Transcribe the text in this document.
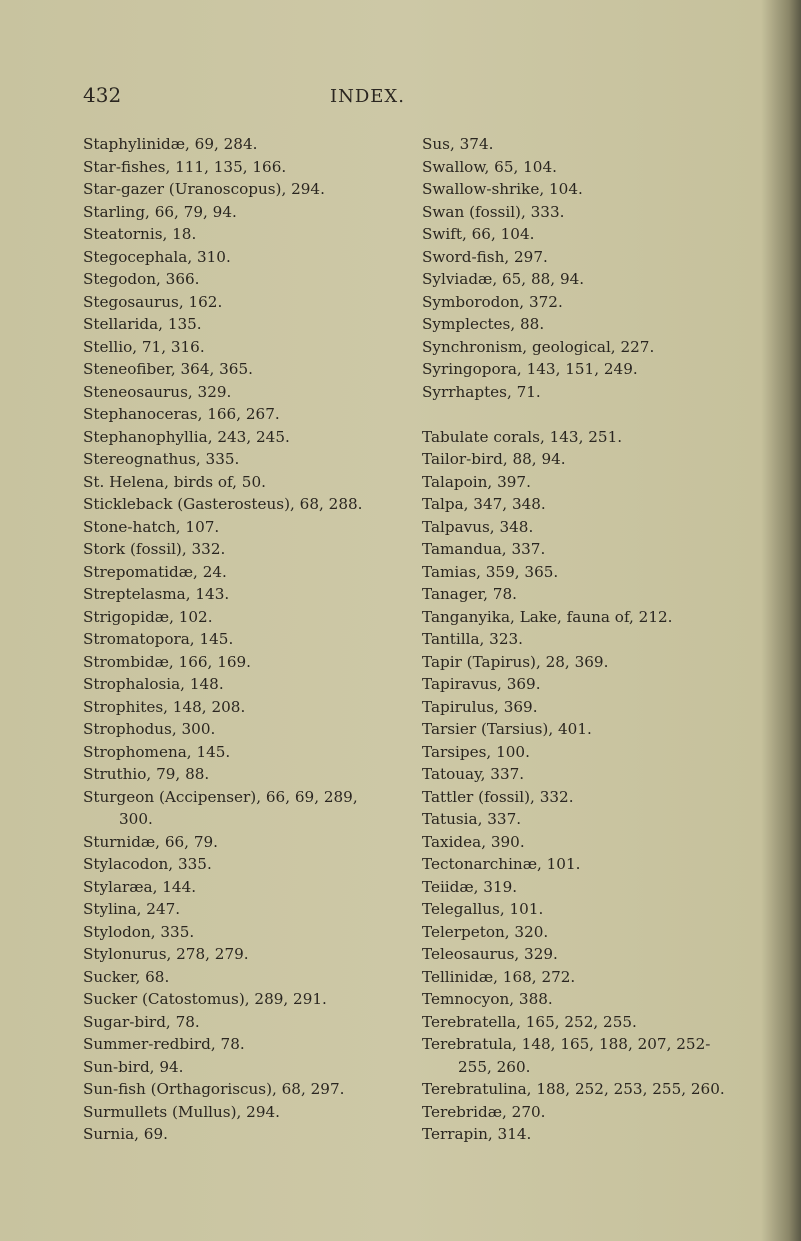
432	INDEX.
Staphylinidæ, 69, 284.
Star-fishes, 111, 135, 166.
Star-gazer (Uranoscopus), 294.
Starling, 66, 79, 94.
Steatornis, 18.
Stegocephala, 310.
Stegodon, 366.
Stegosaurus, 162.
Stellarida, 135.
Stellio, 71, 316.
Steneofiber, 364, 365.
Steneosaurus, 329.
Stephanoceras, 166, 267.
Stephanophyllia, 243, 245.
Stereognathus, 335.
St. Helena, birds of, 50.
Stickleback (Gasterosteus), 68, 288.
Stone-hatch, 107.
Stork (fossil), 332.
Strepomatidæ, 24.
Streptelasma, 143.
Strigopidæ, 102.
Stromatopora, 145.
Strombidæ, 166, 169.
Strophalosia, 148.
Strophites, 148, 208.
Strophodus, 300.
Strophomena, 145.
Struthio, 79, 88.
Sturgeon (Accipenser), 66, 69, 289,
300.
Sturnidæ, 66, 79.
Stylacodon, 335.
Stylaræa, 144.
Stylina, 247.
Stylodon, 335.
Stylonurus, 278, 279.
Sucker, 68.
Sucker (Catostomus), 289, 291.
Sugar-bird, 78.
Summer-redbird, 78.
Sun-bird, 94.
Sun-fish (Orthagoriscus), 68, 297.
Surmullets (Mullus), 294.
Surnia, 69.
Sus, 374.
Swallow, 65, 104.
Swallow-shrike, 104.
Swan (fossil), 333.
Swift, 66, 104.
Sword-fish, 297.
Sylviadæ, 65, 88, 94.
Symborodon, 372.
Symplectes, 88.
Synchronism, geological, 227.
Syringopora, 143, 151, 249.
Syrrhaptes, 71.
Tabulate corals, 143, 251.
Tailor-bird, 88, 94.
Talapoin, 397.
Talpa, 347, 348.
Talpavus, 348.
Tamandua, 337.
Tamias, 359, 365.
Tanager, 78.
Tanganyika, Lake, fauna of, 212.
Tantilla, 323.
Tapir (Tapirus), 28, 369.
Tapiravus, 369.
Tapirulus, 369.
Tarsier (Tarsius), 401.
Tarsipes, 100.
Tatouay, 337.
Tattler (fossil), 332.
Tatusia, 337.
Taxidea, 390.
Tectonarchinæ, 101.
Teiidæ, 319.
Telegallus, 101.
Telerpeton, 320.
Teleosaurus, 329.
Tellinidæ, 168, 272.
Temnocyon, 388.
Terebratella, 165, 252, 255.
Terebratula, 148, 165, 188, 207, 252-
255, 260.
Terebratulina, 188, 252, 253, 255, 260.
Terebridæ, 270.
Terrapin, 314.
